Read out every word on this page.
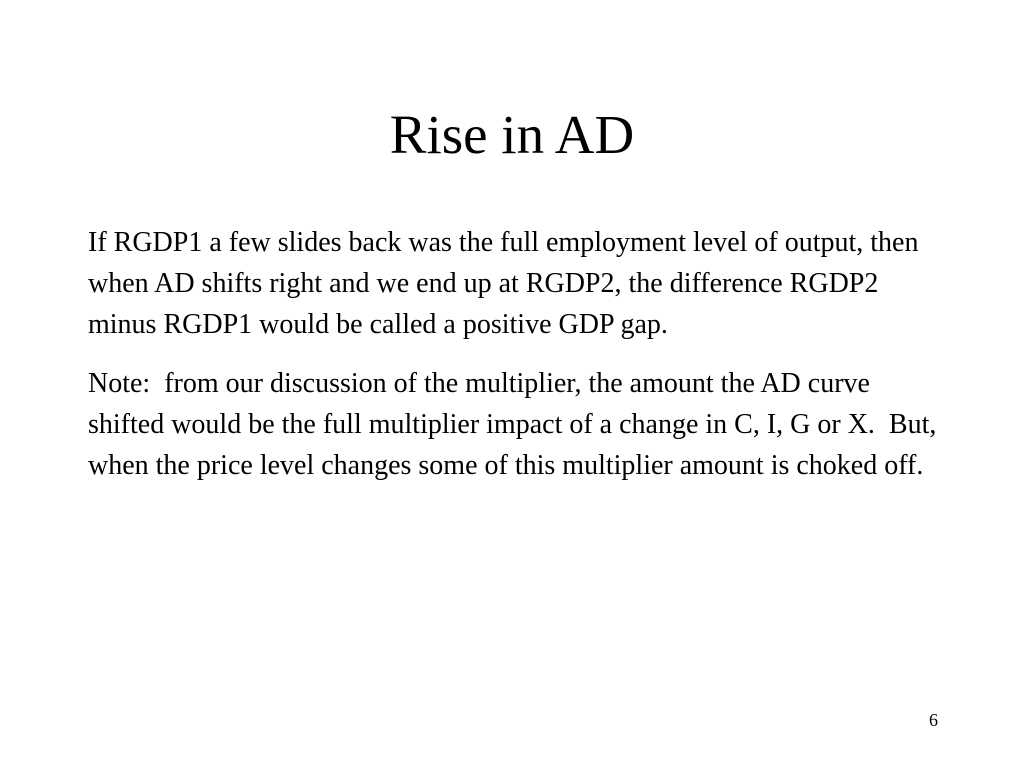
Rise in AD

If RGDP1 a few slides back was the full employment level of output, then when AD shifts right and we end up at RGDP2, the difference RGDP2 minus RGDP1 would be called a positive GDP gap.

Note:  from our discussion of the multiplier, the amount the AD curve shifted would be the full multiplier impact of a change in C, I, G or X.  But, when the price level changes some of this multiplier amount is choked off.

6
